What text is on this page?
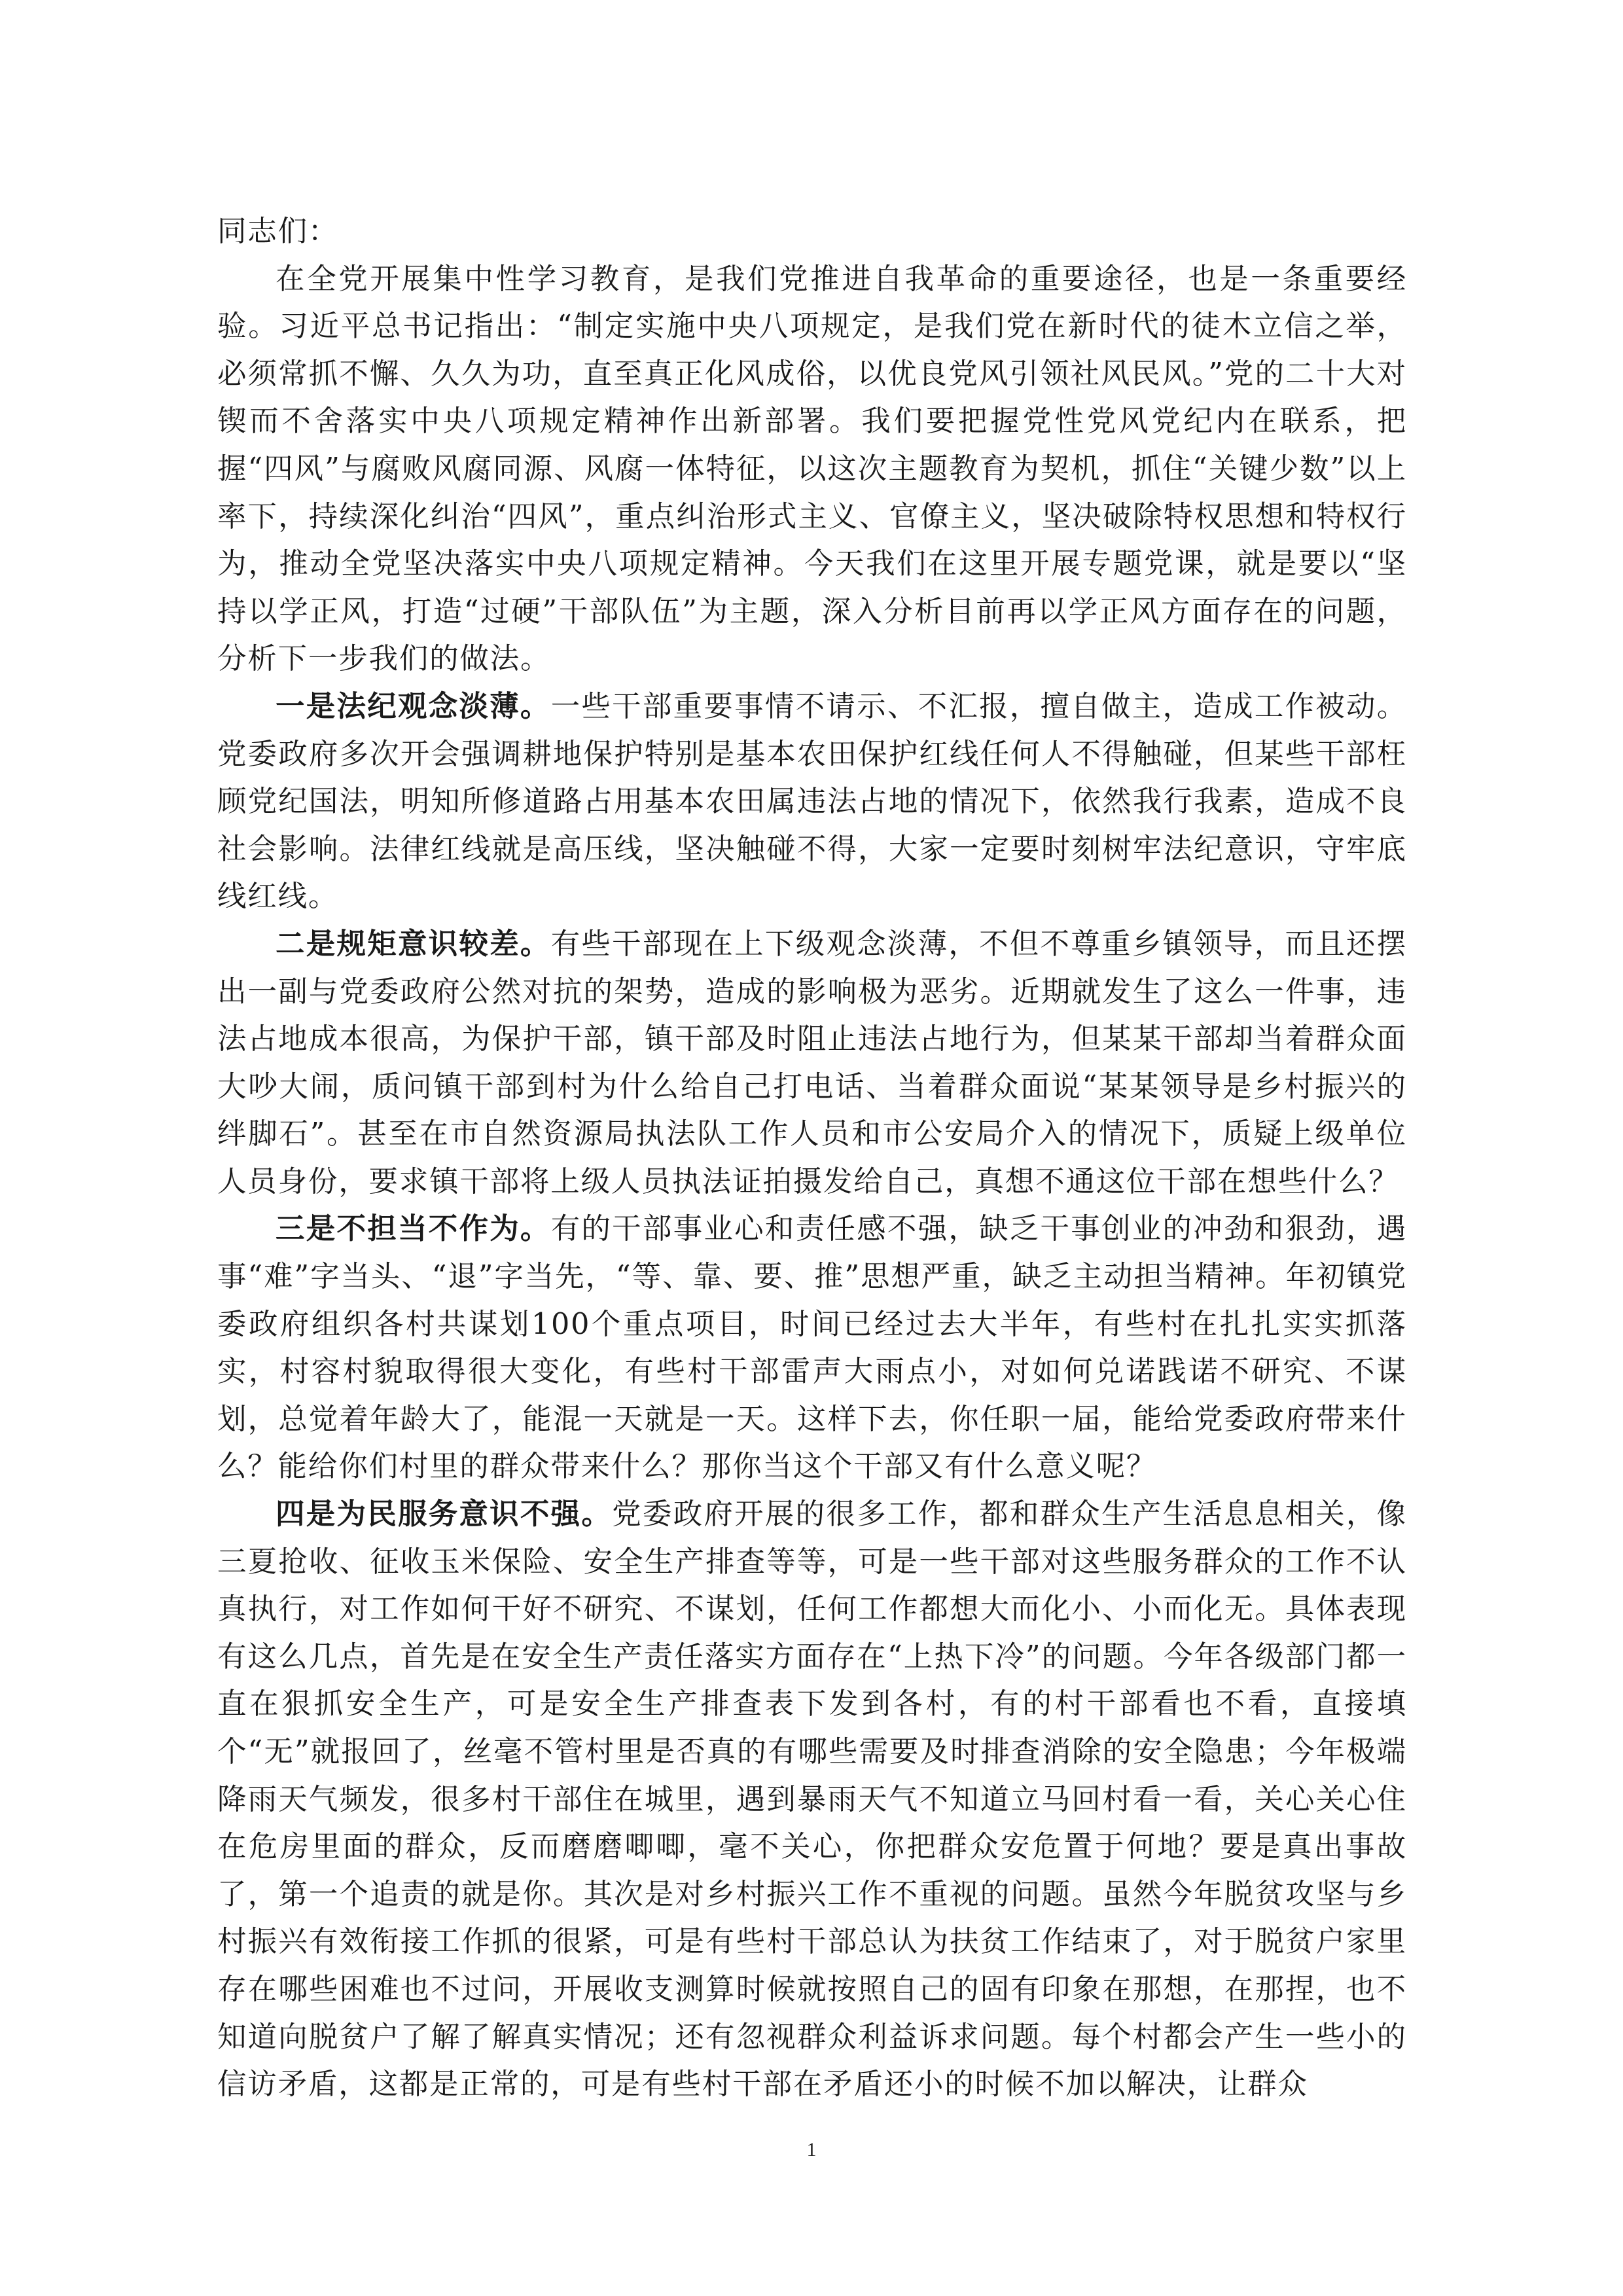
同志们：

在全党开展集中性学习教育，是我们党推进自我革命的重要途径，也是一条重要经验。习近平总书记指出：“制定实施中央八项规定，是我们党在新时代的徒木立信之举，必须常抓不懈、久久为功，直至真正化风成俗，以优良党风引领社风民风。”党的二十大对锲而不舍落实中央八项规定精神作出新部署。我们要把握党性党风党纪内在联系，把握“四风”与腐败风腐同源、风腐一体特征，以这次主题教育为契机，抓住“关键少数”以上率下，持续深化纠治“四风”，重点纠治形式主义、官僚主义，坚决破除特权思想和特权行为，推动全党坚决落实中央八项规定精神。今天我们在这里开展专题党课，就是要以“坚持以学正风，打造“过硬”干部队伍”为主题，深入分析目前再以学正风方面存在的问题，分析下一步我们的做法。

一是法纪观念淡薄。一些干部重要事情不请示、不汇报，擅自做主，造成工作被动。党委政府多次开会强调耕地保护特别是基本农田保护红线任何人不得触碰，但某些干部枉顾党纪国法，明知所修道路占用基本农田属违法占地的情况下，依然我行我素，造成不良社会影响。法律红线就是高压线，坚决触碰不得，大家一定要时刻树牢法纪意识，守牢底线红线。

二是规矩意识较差。有些干部现在上下级观念淡薄，不但不尊重乡镇领导，而且还摆出一副与党委政府公然对抗的架势，造成的影响极为恶劣。近期就发生了这么一件事，违法占地成本很高，为保护干部，镇干部及时阻止违法占地行为，但某某干部却当着群众面大吵大闹，质问镇干部到村为什么给自己打电话、当着群众面说“某某领导是乡村振兴的绊脚石”。甚至在市自然资源局执法队工作人员和市公安局介入的情况下，质疑上级单位人员身份，要求镇干部将上级人员执法证拍摄发给自己，真想不通这位干部在想些什么？

三是不担当不作为。有的干部事业心和责任感不强，缺乏干事创业的冲劲和狠劲，遇事“难”字当头、“退”字当先，“等、靠、要、推”思想严重，缺乏主动担当精神。年初镇党委政府组织各村共谋划100个重点项目，时间已经过去大半年，有些村在扎扎实实抓落实，村容村貌取得很大变化，有些村干部雷声大雨点小，对如何兑诺践诺不研究、不谋划，总觉着年龄大了，能混一天就是一天。这样下去，你任职一届，能给党委政府带来什么？能给你们村里的群众带来什么？那你当这个干部又有什么意义呢？

四是为民服务意识不强。党委政府开展的很多工作，都和群众生产生活息息相关，像三夏抢收、征收玉米保险、安全生产排查等等，可是一些干部对这些服务群众的工作不认真执行，对工作如何干好不研究、不谋划，任何工作都想大而化小、小而化无。具体表现有这么几点，首先是在安全生产责任落实方面存在“上热下冷”的问题。今年各级部门都一直在狠抓安全生产，可是安全生产排查表下发到各村，有的村干部看也不看，直接填个“无”就报回了，丝毫不管村里是否真的有哪些需要及时排查消除的安全隐患；今年极端降雨天气频发，很多村干部住在城里，遇到暴雨天气不知道立马回村看一看，关心关心住在危房里面的群众，反而磨磨唧唧，毫不关心，你把群众安危置于何地？要是真出事故了，第一个追责的就是你。其次是对乡村振兴工作不重视的问题。虽然今年脱贫攻坚与乡村振兴有效衔接工作抓的很紧，可是有些村干部总认为扶贫工作结束了，对于脱贫户家里存在哪些困难也不过问，开展收支测算时候就按照自己的固有印象在那想，在那捏，也不知道向脱贫户了解了解真实情况；还有忽视群众利益诉求问题。每个村都会产生一些小的信访矛盾，这都是正常的，可是有些村干部在矛盾还小的时候不加以解决，让群众

1
